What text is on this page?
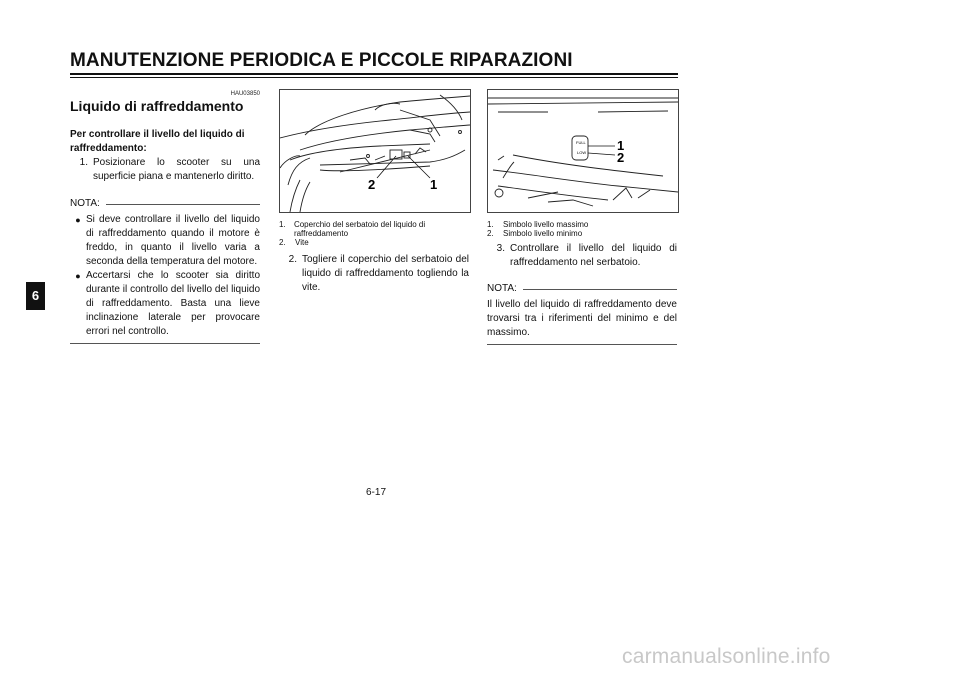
MANUTENZIONE PERIODICA E PICCOLE RIPARAZIONI
6
HAU03850
Liquido di raffreddamento
Per controllare il livello del liquido di raffreddamento:
1. Posizionare lo scooter su una superficie piana e mantenerlo diritto.
NOTA:
● Si deve controllare il livello del liquido di raffreddamento quando il motore è freddo, in quanto il livello varia a seconda della temperatura del motore.
● Accertarsi che lo scooter sia diritto durante il controllo del livello del liquido di raffreddamento. Basta una lieve inclinazione laterale per provocare errori nel controllo.
2	1
1.	Coperchio del serbatoio del liquido di raffreddamento
2.	Vite
2. Togliere il coperchio del serbatoio del liquido di raffreddamento togliendo la vite.
FULL
LOW 1
2
1.	Simbolo livello massimo
2.	Simbolo livello minimo
3. Controllare il livello del liquido di raffreddamento nel serbatoio.
NOTA:
Il livello del liquido di raffreddamento deve trovarsi tra i riferimenti del minimo e del massimo.
6-17
carmanualsonline.info
